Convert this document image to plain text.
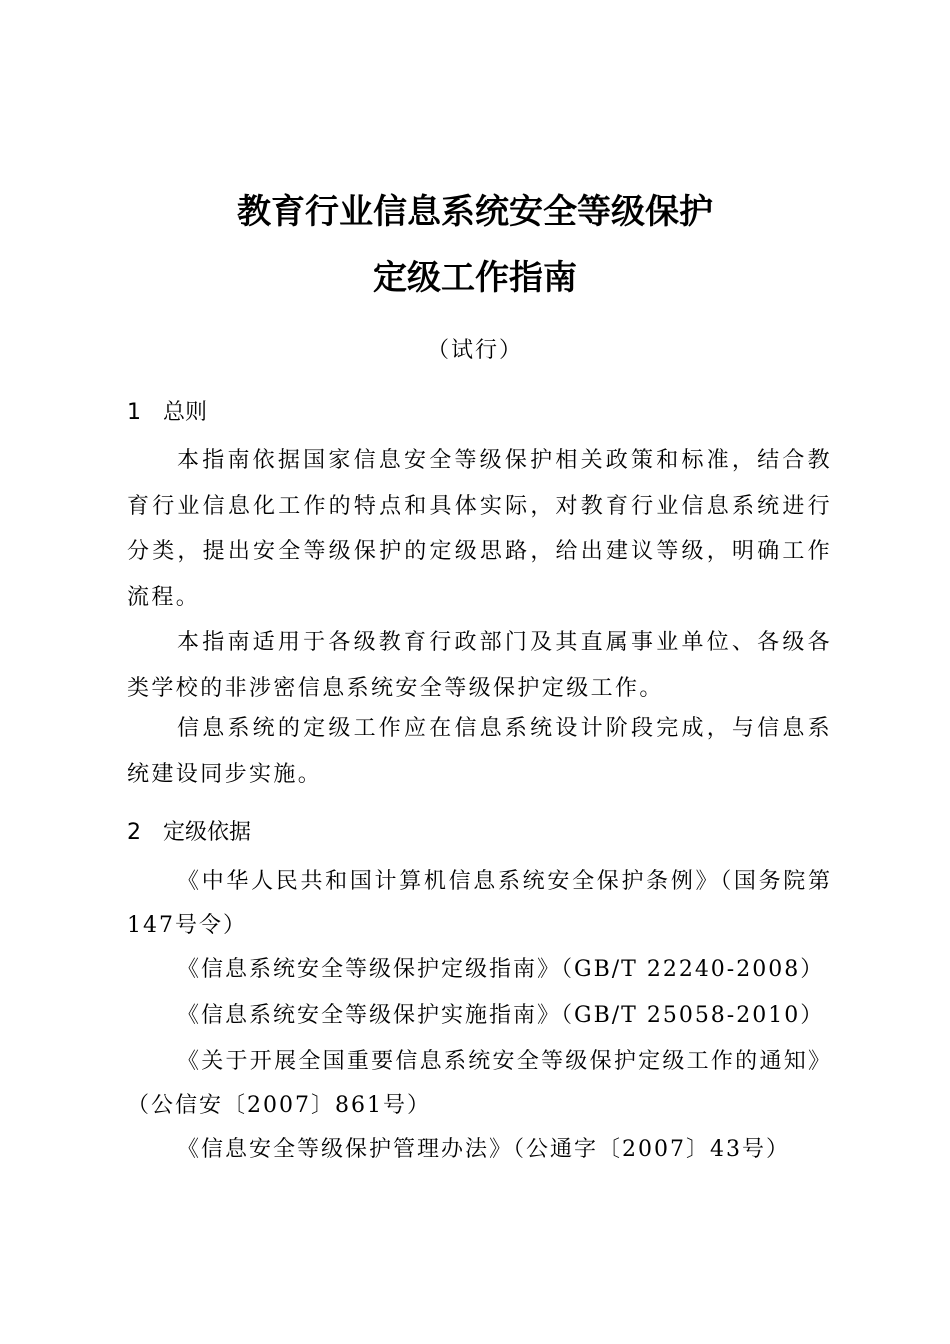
教育行业信息系统安全等级保护
定级工作指南
（试行）
1 总则
本指南依据国家信息安全等级保护相关政策和标准，结合教育行业信息化工作的特点和具体实际，对教育行业信息系统进行分类，提出安全等级保护的定级思路，给出建议等级，明确工作流程。
本指南适用于各级教育行政部门及其直属事业单位、各级各类学校的非涉密信息系统安全等级保护定级工作。
信息系统的定级工作应在信息系统设计阶段完成，与信息系统建设同步实施。
2 定级依据
《中华人民共和国计算机信息系统安全保护条例》（国务院第147号令）
《信息系统安全等级保护定级指南》（GB/T 22240-2008）
《信息系统安全等级保护实施指南》（GB/T 25058-2010）
《关于开展全国重要信息系统安全等级保护定级工作的通知》（公信安〔2007〕861号）
《信息安全等级保护管理办法》（公通字〔2007〕43号）
